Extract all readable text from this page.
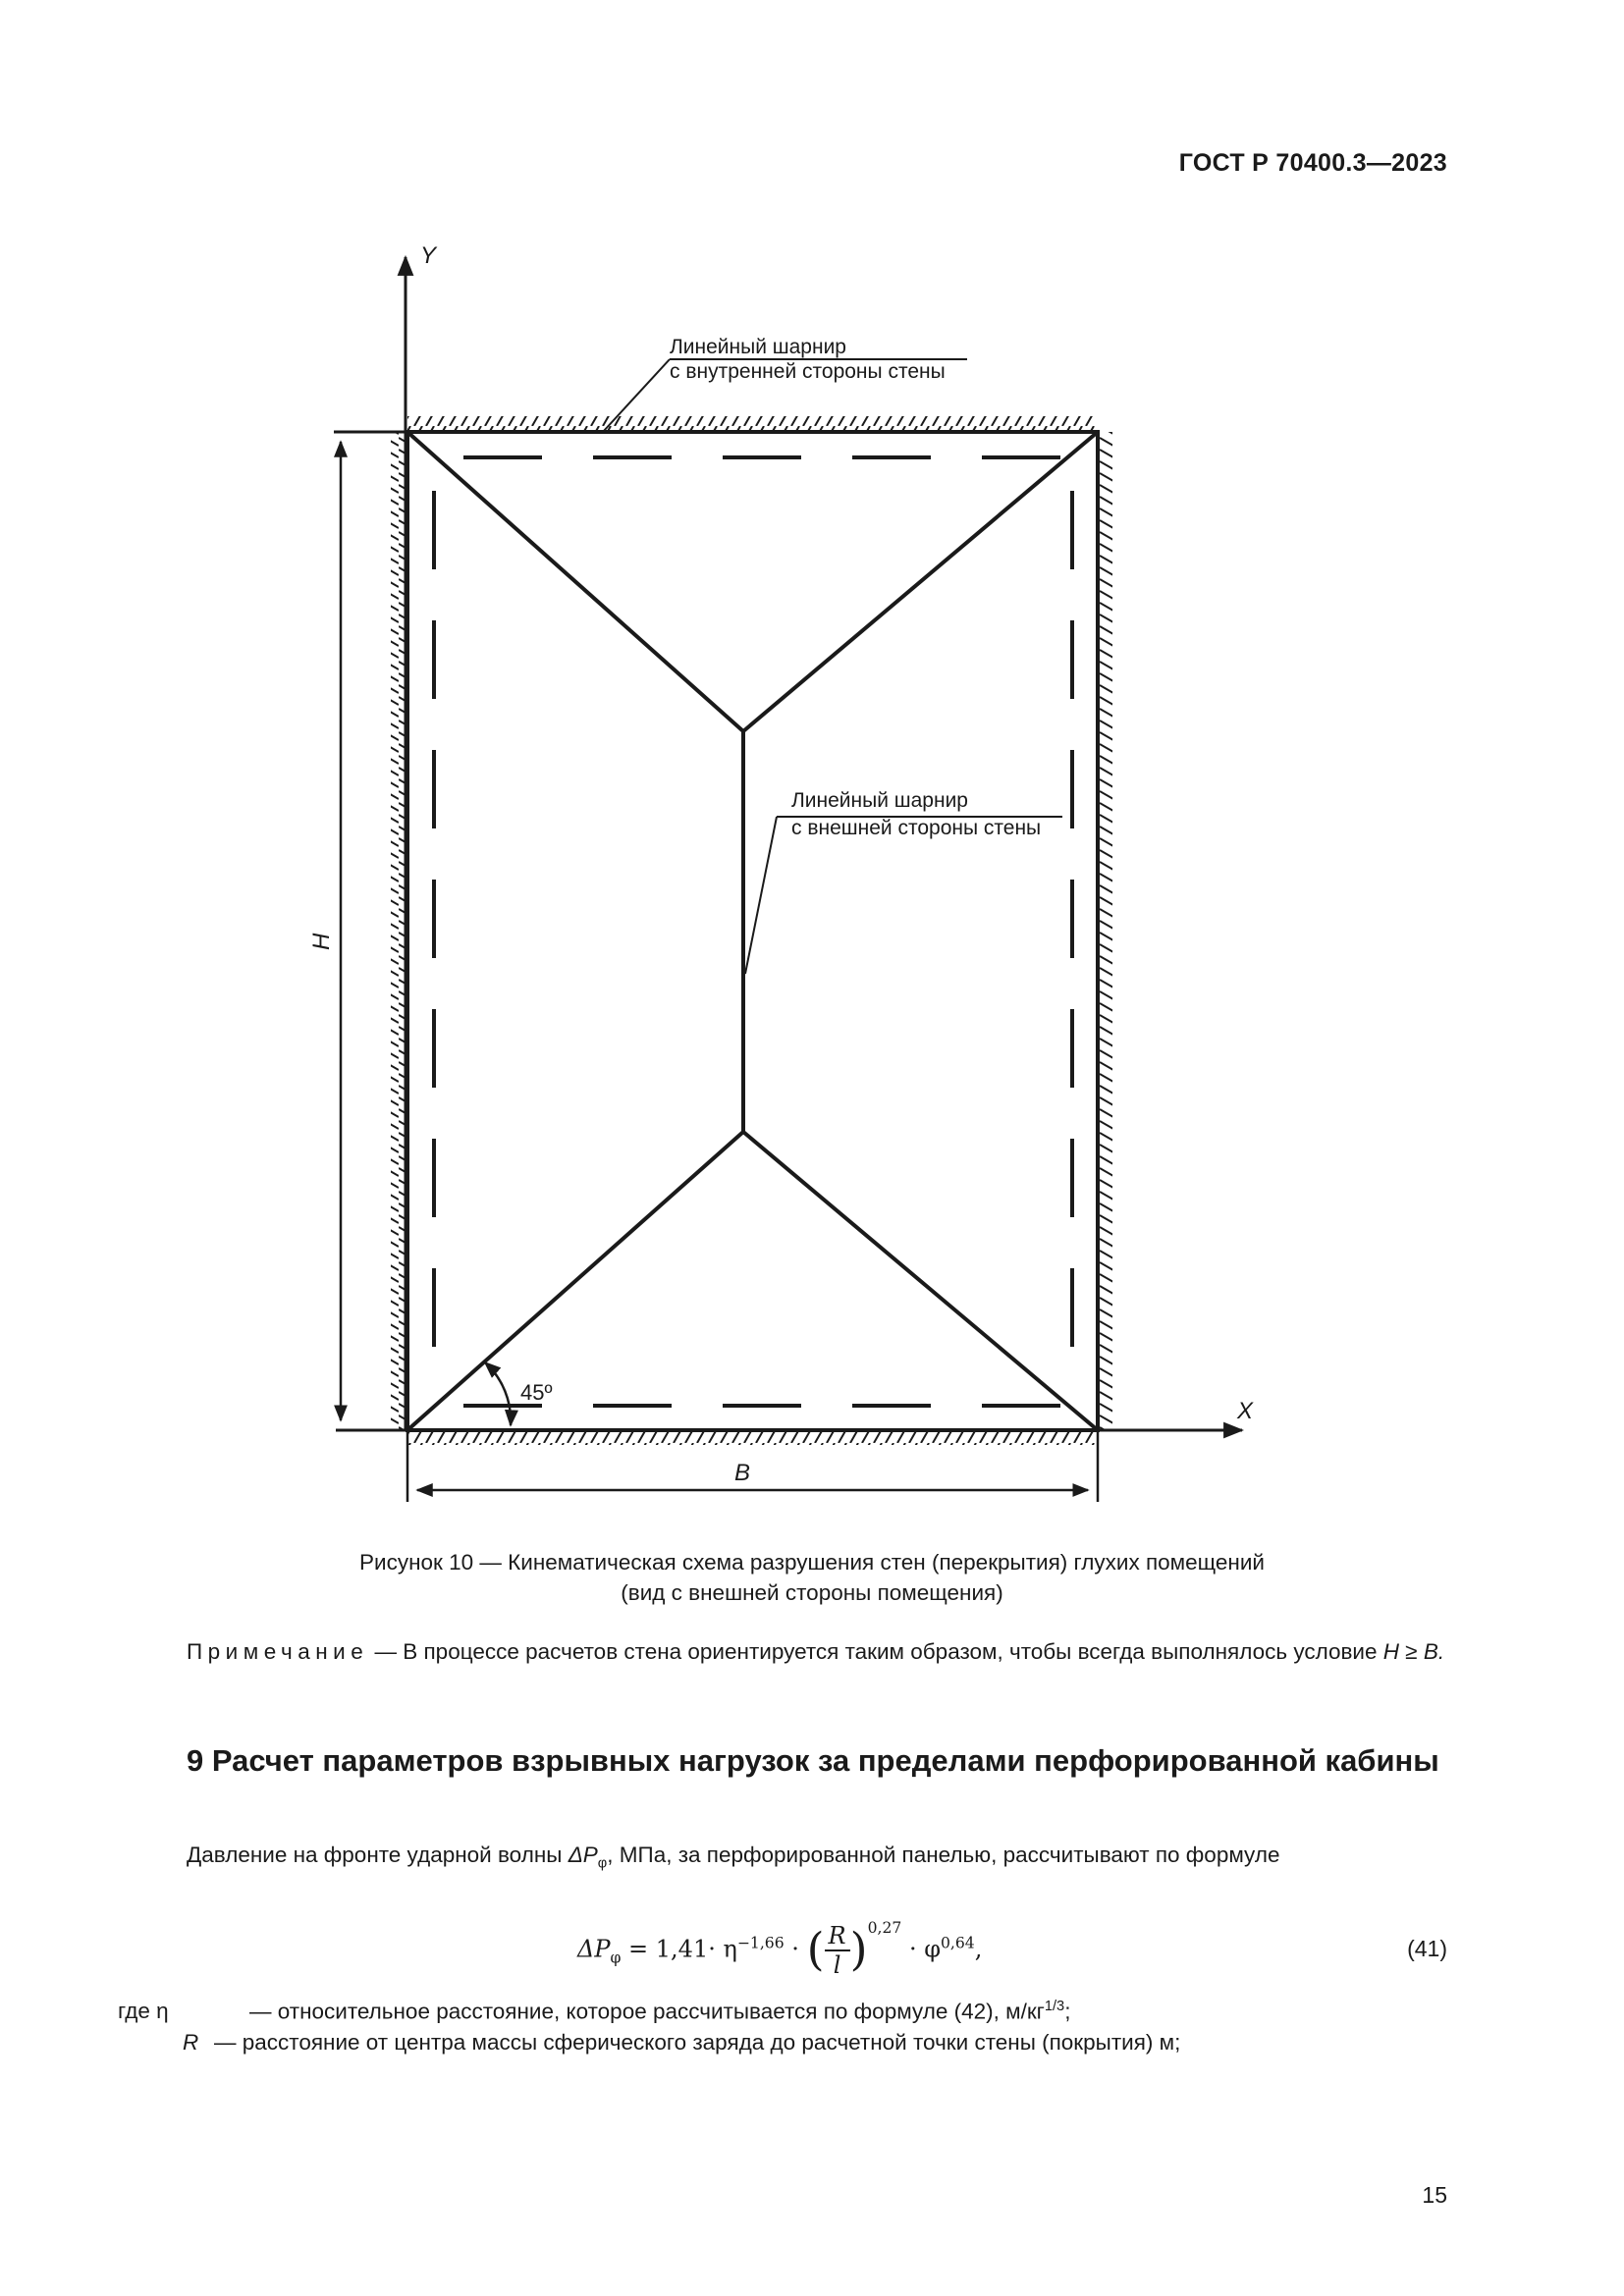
ГОСТ Р 70400.3—2023
Y
X
H
B
45º
Линейный шарнир
с внутренней стороны стены
Линейный шарнир
с внешней стороны стены
Рисунок 10 — Кинематическая схема разрушения стен (перекрытия) глухих помещений
(вид с внешней стороны помещения)
Примечание — В процессе расчетов стена ориентируется таким образом, чтобы всегда выполнялось условие H ≥ B.
9 Расчет параметров взрывных нагрузок за пределами перфорированной кабины
Давление на фронте ударной волны $\Delta P_\varphi$, МПа, за перфорированной панелью, рассчитывают по формуле
$\Delta P_\varphi = 1,41\cdot \eta^{-1,66}$ · ( $\frac{R}{l} )^{0,27} \cdot \varphi^{0,64}$,	(41)
где η	— относительное расстояние, которое рассчитывается по формуле (42), $м/кг^{1/3}$;
R — расстояние от центра массы сферического заряда до расчетной точки стены (покрытия) м;
15
